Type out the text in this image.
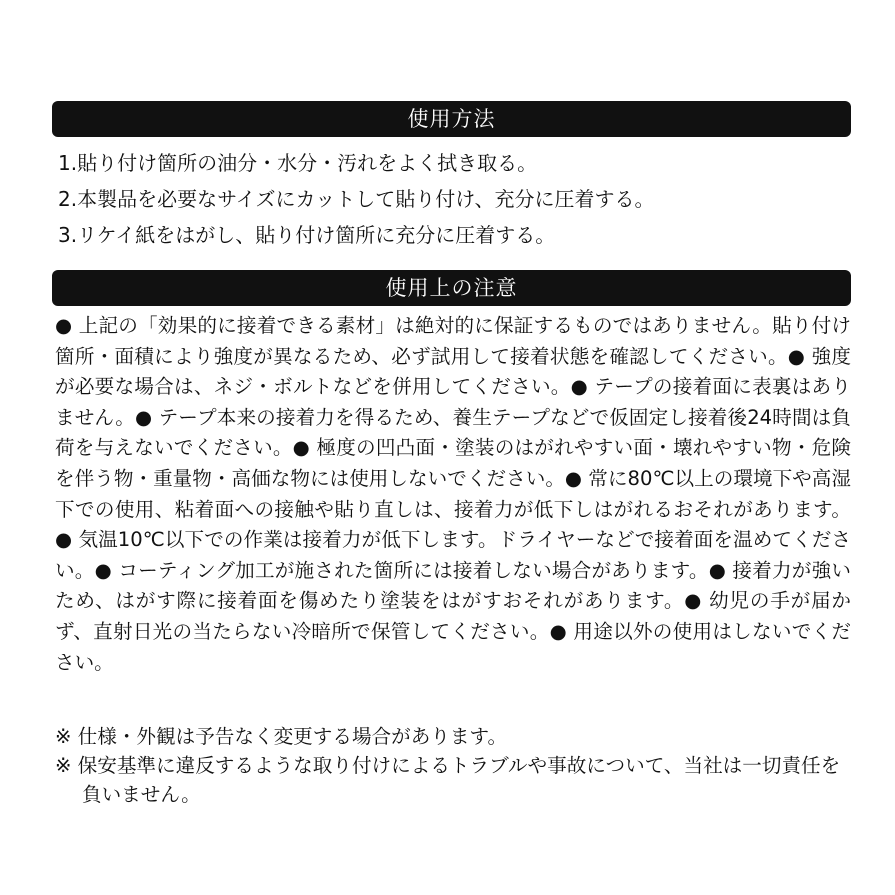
使用方法
1.貼り付け箇所の油分・水分・汚れをよく拭き取る。
2.本製品を必要なサイズにカットして貼り付け、充分に圧着する。
3.リケイ紙をはがし、貼り付け箇所に充分に圧着する。
使用上の注意

● 上記の「効果的に接着できる素材」は絶対的に保証するものではありません。貼り付け箇所・面積により強度が異なるため、必ず試用して接着状態を確認してください。● 強度が必要な場合は、ネジ・ボルトなどを併用してください。● テープの接着面に表裏はありません。● テープ本来の接着力を得るため、養生テープなどで仮固定し接着後24時間は負荷を与えないでください。● 極度の凹凸面・塗装のはがれやすい面・壊れやすい物・危険を伴う物・重量物・高価な物には使用しないでください。● 常に80℃以上の環境下や高湿下での使用、粘着面への接触や貼り直しは、接着力が低下しはがれるおそれがあります。 ● 気温10℃以下での作業は接着力が低下します。ドライヤーなどで接着面を温めてください。● コーティング加工が施された箇所には接着しない場合があります。● 接着力が強いため、はがす際に接着面を傷めたり塗装をはがすおそれがあります。● 幼児の手が届かず、直射日光の当たらない冷暗所で保管してください。● 用途以外の使用はしないでください。

※ 仕様・外観は予告なく変更する場合があります。
※ 保安基準に違反するような取り付けによるトラブルや事故について、当社は一切責任を負いません。
